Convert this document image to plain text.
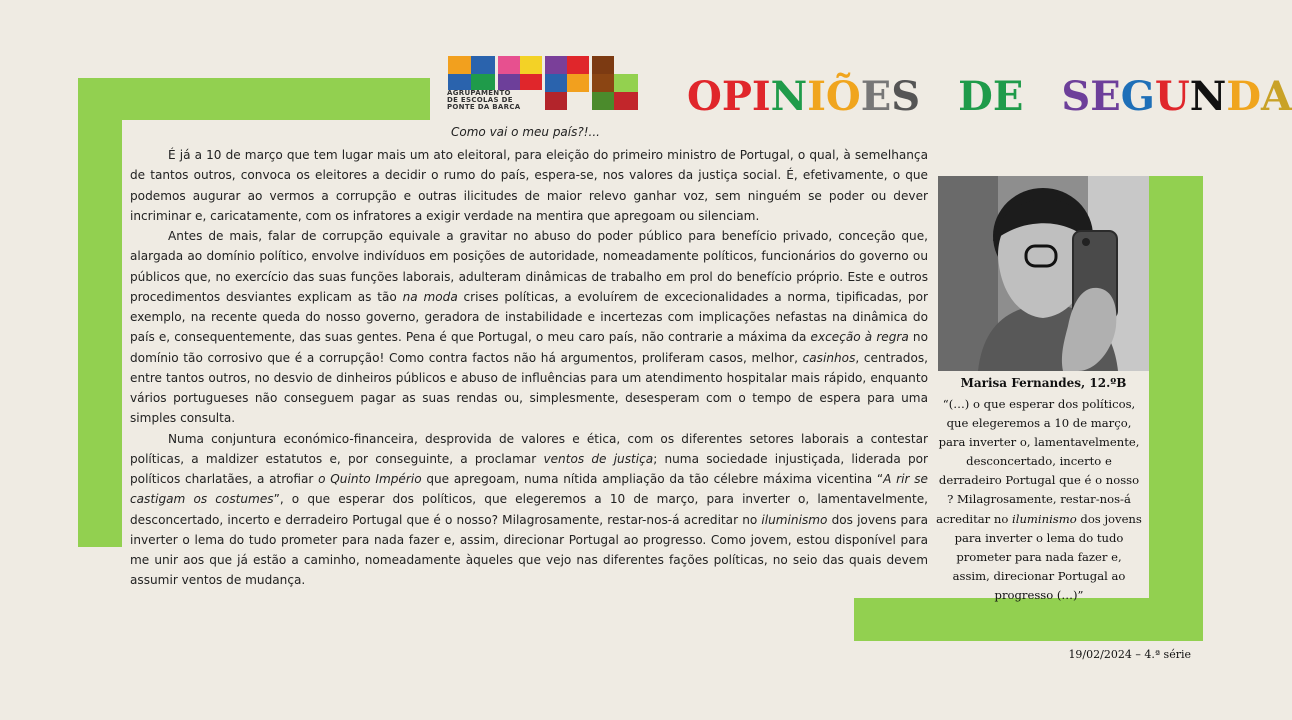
AGRUPAMENTO
DE ESCOLAS DE
PONTE DA BARCA	OPINIÕES DE SEGUNDA
Como vai o meu país?!...

É já a 10 de março que tem lugar mais um ato eleitoral, para eleição do primeiro ministro de Portugal, o qual, à semelhança de tantos outros, convoca os eleitores a decidir o rumo do país, espera-se, nos valores da justiça social. É, efetivamente, o que podemos augurar ao vermos a corrupção e outras ilicitudes de maior relevo ganhar voz, sem ninguém se poder ou dever incriminar e, caricatamente, com os infratores a exigir verdade na mentira que apregoam ou silenciam.

Antes de mais, falar de corrupção equivale a gravitar no abuso do poder público para benefício privado, conceção que, alargada ao domínio político, envolve indivíduos em posições de autoridade, nomeadamente políticos, funcionários do governo ou públicos que, no exercício das suas funções laborais, adulteram dinâmicas de trabalho em prol do benefício próprio. Este e outros procedimentos desviantes explicam as tão na moda crises políticas, a evoluírem de excecionalidades a norma, tipificadas, por exemplo, na recente queda do nosso governo, geradora de instabilidade e incertezas com implicações nefastas na dinâmica do país e, consequentemente, das suas gentes. Pena é que Portugal, o meu caro país, não contrarie a máxima da exceção à regra no domínio tão corrosivo que é a corrupção! Como contra factos não há argumentos, proliferam casos, melhor, casinhos, centrados, entre tantos outros, no desvio de dinheiros públicos e abuso de influências para um atendimento hospitalar mais rápido, enquanto vários portugueses não conseguem pagar as suas rendas ou, simplesmente, desesperam com o tempo de espera para uma simples consulta.

Numa conjuntura económico-financeira, desprovida de valores e ética, com os diferentes setores laborais a contestar políticas, a maldizer estatutos e, por conseguinte, a proclamar ventos de justiça; numa sociedade injustiçada, liderada por políticos charlatães, a atrofiar o Quinto Império que apregoam, numa nítida ampliação da tão célebre máxima vicentina “A rir se castigam os costumes”, o que esperar dos políticos, que elegeremos a 10 de março, para inverter o, lamentavelmente, desconcertado, incerto e derradeiro Portugal que é o nosso? Milagrosamente, restar-nos-á acreditar no iluminismo dos jovens para inverter o lema do tudo prometer para nada fazer e, assim, direcionar Portugal ao progresso. Como jovem, estou disponível para me unir aos que já estão a caminho, nomeadamente àqueles que vejo nas diferentes fações políticas, no seio das quais devem assumir ventos de mudança.

Marisa Fernandes, 12.ºB
“(…) o que esperar dos políticos, que elegeremos a 10 de março, para inverter o, lamentavelmente, desconcertado, incerto e derradeiro Portugal que é o nosso ? Milagrosamente, restar-nos-á acreditar no iluminismo dos jovens para inverter o lema do tudo prometer para nada fazer e, assim, direcionar Portugal ao progresso (…)”
19/02/2024 – 4.ª série
